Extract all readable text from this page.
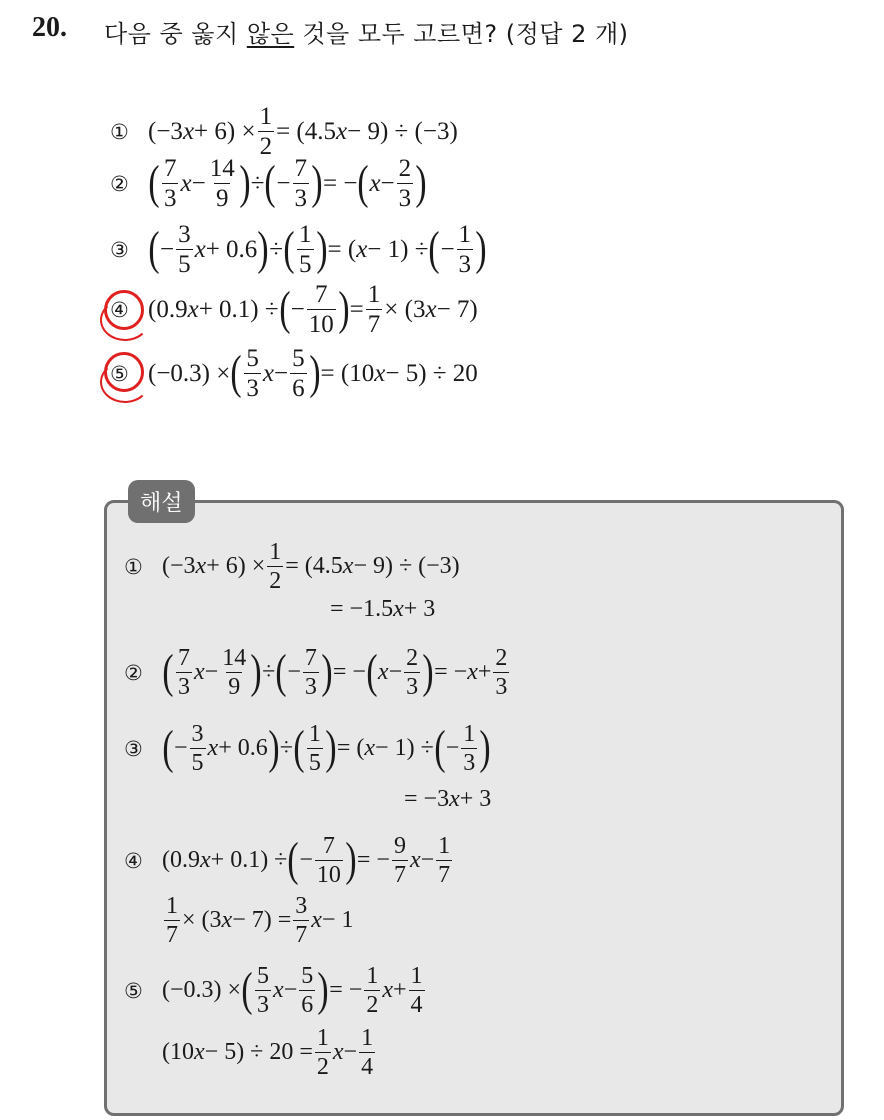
20. 다음 중 옳지 않은 것을 모두 고르면? (정답 2 개)
① (−3 $x + 6) \times \frac{1}{2} = (4.5$ x − 9) ÷ (−3)
② ( $\frac{7}{3}$ $x - \frac{14}{9}$ ) ÷ ( − $\frac{7}{3}$ ) = − ( $x - \frac{2}{3}$ )
③ ( − $\frac{3}{5}$ x + 0.6 ) ÷ ( $\frac{1}{5}$ ) = ( x − 1) ÷ ( − $\frac{1}{3}$ )
④ (0.9 x + 0.1) ÷ ( − $\frac{7}{10}$ ) = $\frac{1}{7} \times (3$ x − 7)
⑤ (−0.3) × ( $\frac{5}{3}$ $x - \frac{5}{6}$ ) = (10 x − 5) ÷ 20
해설
① (−3 $x + 6) \times \frac{1}{2} = (4.5$ x − 9) ÷ (−3)
= −1.5 x + 3
② ( $\frac{7}{3}$ $x - \frac{14}{9}$ ) ÷ ( − $\frac{7}{3}$ ) = − ( $x - \frac{2}{3}$ ) = − $x + \frac{2}{3}$
③ ( − $\frac{3}{5}$ x + 0.6 ) ÷ ( $\frac{1}{5}$ ) = ( x − 1) ÷ ( − $\frac{1}{3}$ )
= −3 x + 3
④ (0.9 x + 0.1) ÷ ( − $\frac{7}{10}$ ) = − $\frac{9}{7}$ $x - \frac{1}{7}$
$\frac{1}{7} \times (3$ $x - 7) = \frac{3}{7}$ x − 1
⑤ (−0.3) × ( $\frac{5}{3}$ $x - \frac{5}{6}$ ) = − $\frac{1}{2}$ $x + \frac{1}{4}$
(10 $x - 5) \div 20 = \frac{1}{2}$ $x - \frac{1}{4}$
